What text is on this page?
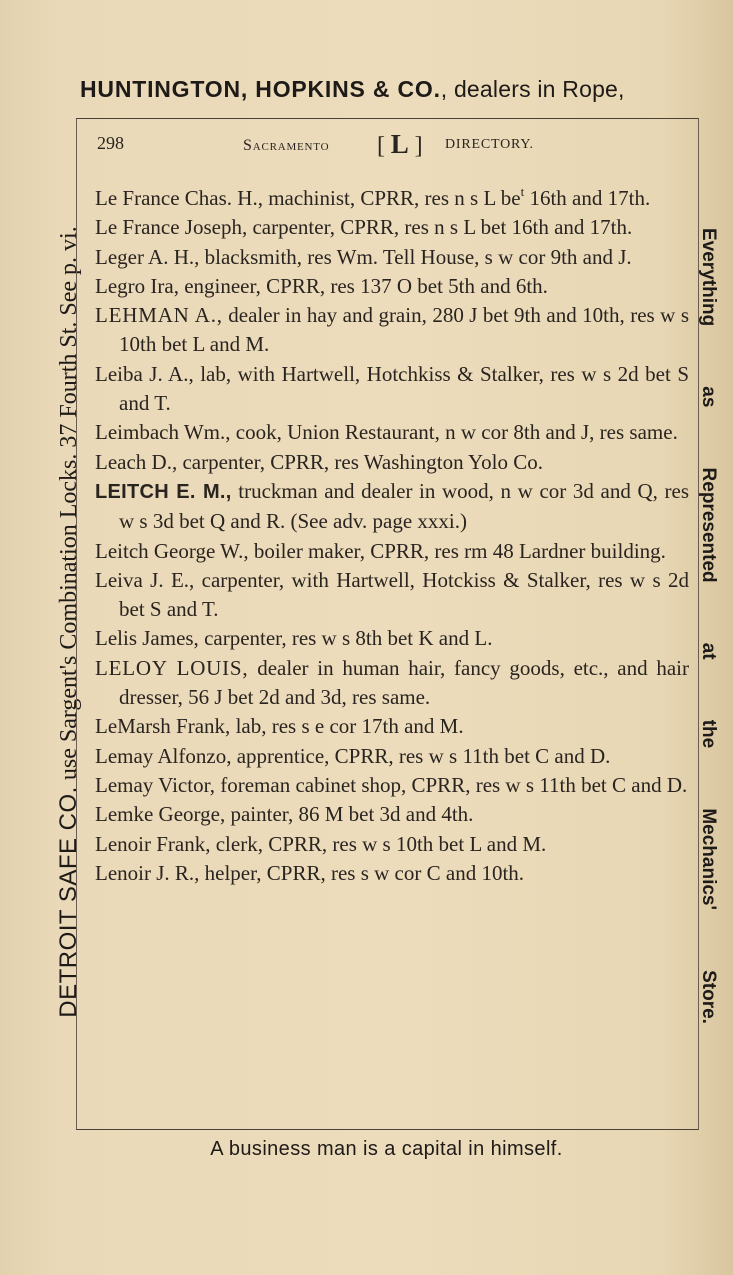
HUNTINGTON, HOPKINS & CO., dealers in Rope,
DETROIT SAFE CO. use Sargent's Combination Locks. 37 Fourth St. See p. vi.	Everything
as
Represented
at
the
Mechanics'
Store.
298	Sacramento [ L ]	DIRECTORY.
Le France Chas. H., machinist, CPRR, res n s L $be^t$ 16th and 17th.
Le France Joseph, carpenter, CPRR, res n s L bet 16th and 17th.
Leger A. H., blacksmith, res Wm. Tell House, s w cor 9th and J.
Legro Ira, engineer, CPRR, res 137 O bet 5th and 6th.
LEHMAN A., dealer in hay and grain, 280 J bet 9th and 10th, res w s 10th bet L and M.
Leiba J. A., lab, with Hartwell, Hotchkiss & Stalker, res w s 2d bet S and T.
Leimbach Wm., cook, Union Restaurant, n w cor 8th and J, res same.
Leach D., carpenter, CPRR, res Washington Yolo Co.
LEITCH E. M., truckman and dealer in wood, n w cor 3d and Q, res w s 3d bet Q and R. (See adv. page xxxi.)
Leitch George W., boiler maker, CPRR, res rm 48 Lardner building.
Leiva J. E., carpenter, with Hartwell, Hotckiss & Stalker, res w s 2d bet S and T.
Lelis James, carpenter, res w s 8th bet K and L.
LELOY LOUIS, dealer in human hair, fancy goods, etc., and hair dresser, 56 J bet 2d and 3d, res same.
LeMarsh Frank, lab, res s e cor 17th and M.
Lemay Alfonzo, apprentice, CPRR, res w s 11th bet C and D.
Lemay Victor, foreman cabinet shop, CPRR, res w s 11th bet C and D.
Lemke George, painter, 86 M bet 3d and 4th.
Lenoir Frank, clerk, CPRR, res w s 10th bet L and M.
Lenoir J. R., helper, CPRR, res s w cor C and 10th.
A business man is a capital in himself.
